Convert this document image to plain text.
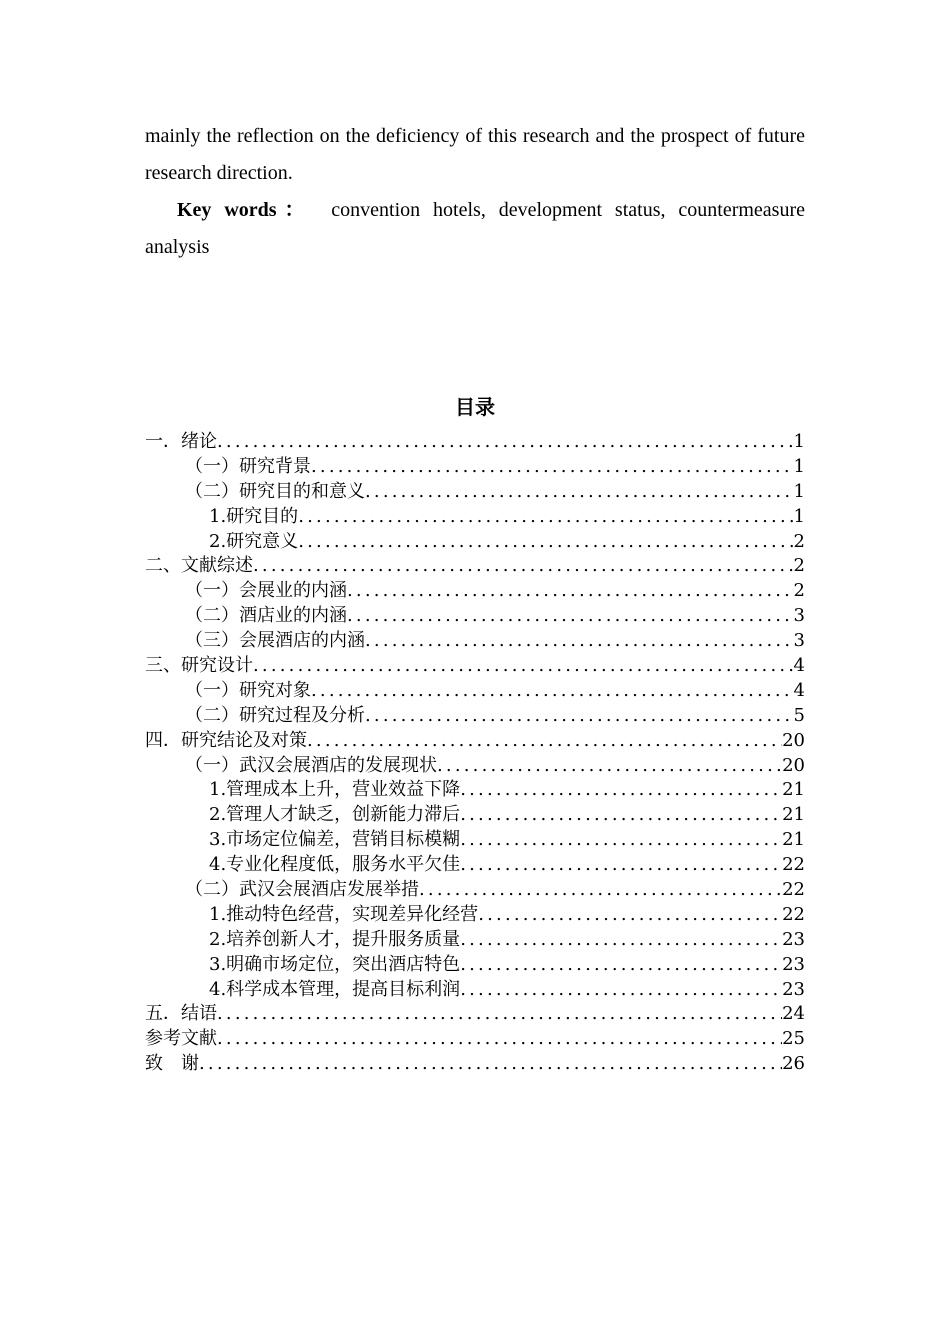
mainly the reflection on the deficiency of this research and the prospect of future research direction.

Key words： convention hotels, development status, countermeasure analysis

目录
一．绪论 .....	1
（一）研究背景 .....	1
（二）研究目的和意义 .....	1
1.研究目的 .....	1
2.研究意义 .....	2
二、文献综述 .....	2
（一）会展业的内涵 .....	2
（二）酒店业的内涵 .....	3
（三）会展酒店的内涵 .....	3
三、研究设计 .....	4
（一）研究对象 .....	4
（二）研究过程及分析 .....	5
四．研究结论及对策 .....	20
（一）武汉会展酒店的发展现状 .....	20
1.管理成本上升，营业效益下降 .....	21
2.管理人才缺乏，创新能力滞后 .....	21
3.市场定位偏差，营销目标模糊 .....	21
4.专业化程度低，服务水平欠佳 .....	22
（二）武汉会展酒店发展举措 .....	22
1.推动特色经营，实现差异化经营 .....	22
2.培养创新人才，提升服务质量 .....	23
3.明确市场定位，突出酒店特色 .....	23
4.科学成本管理，提高目标利润 .....	23
五．结语 .....	24
参考文献 .....	25
致　谢 .....	26
